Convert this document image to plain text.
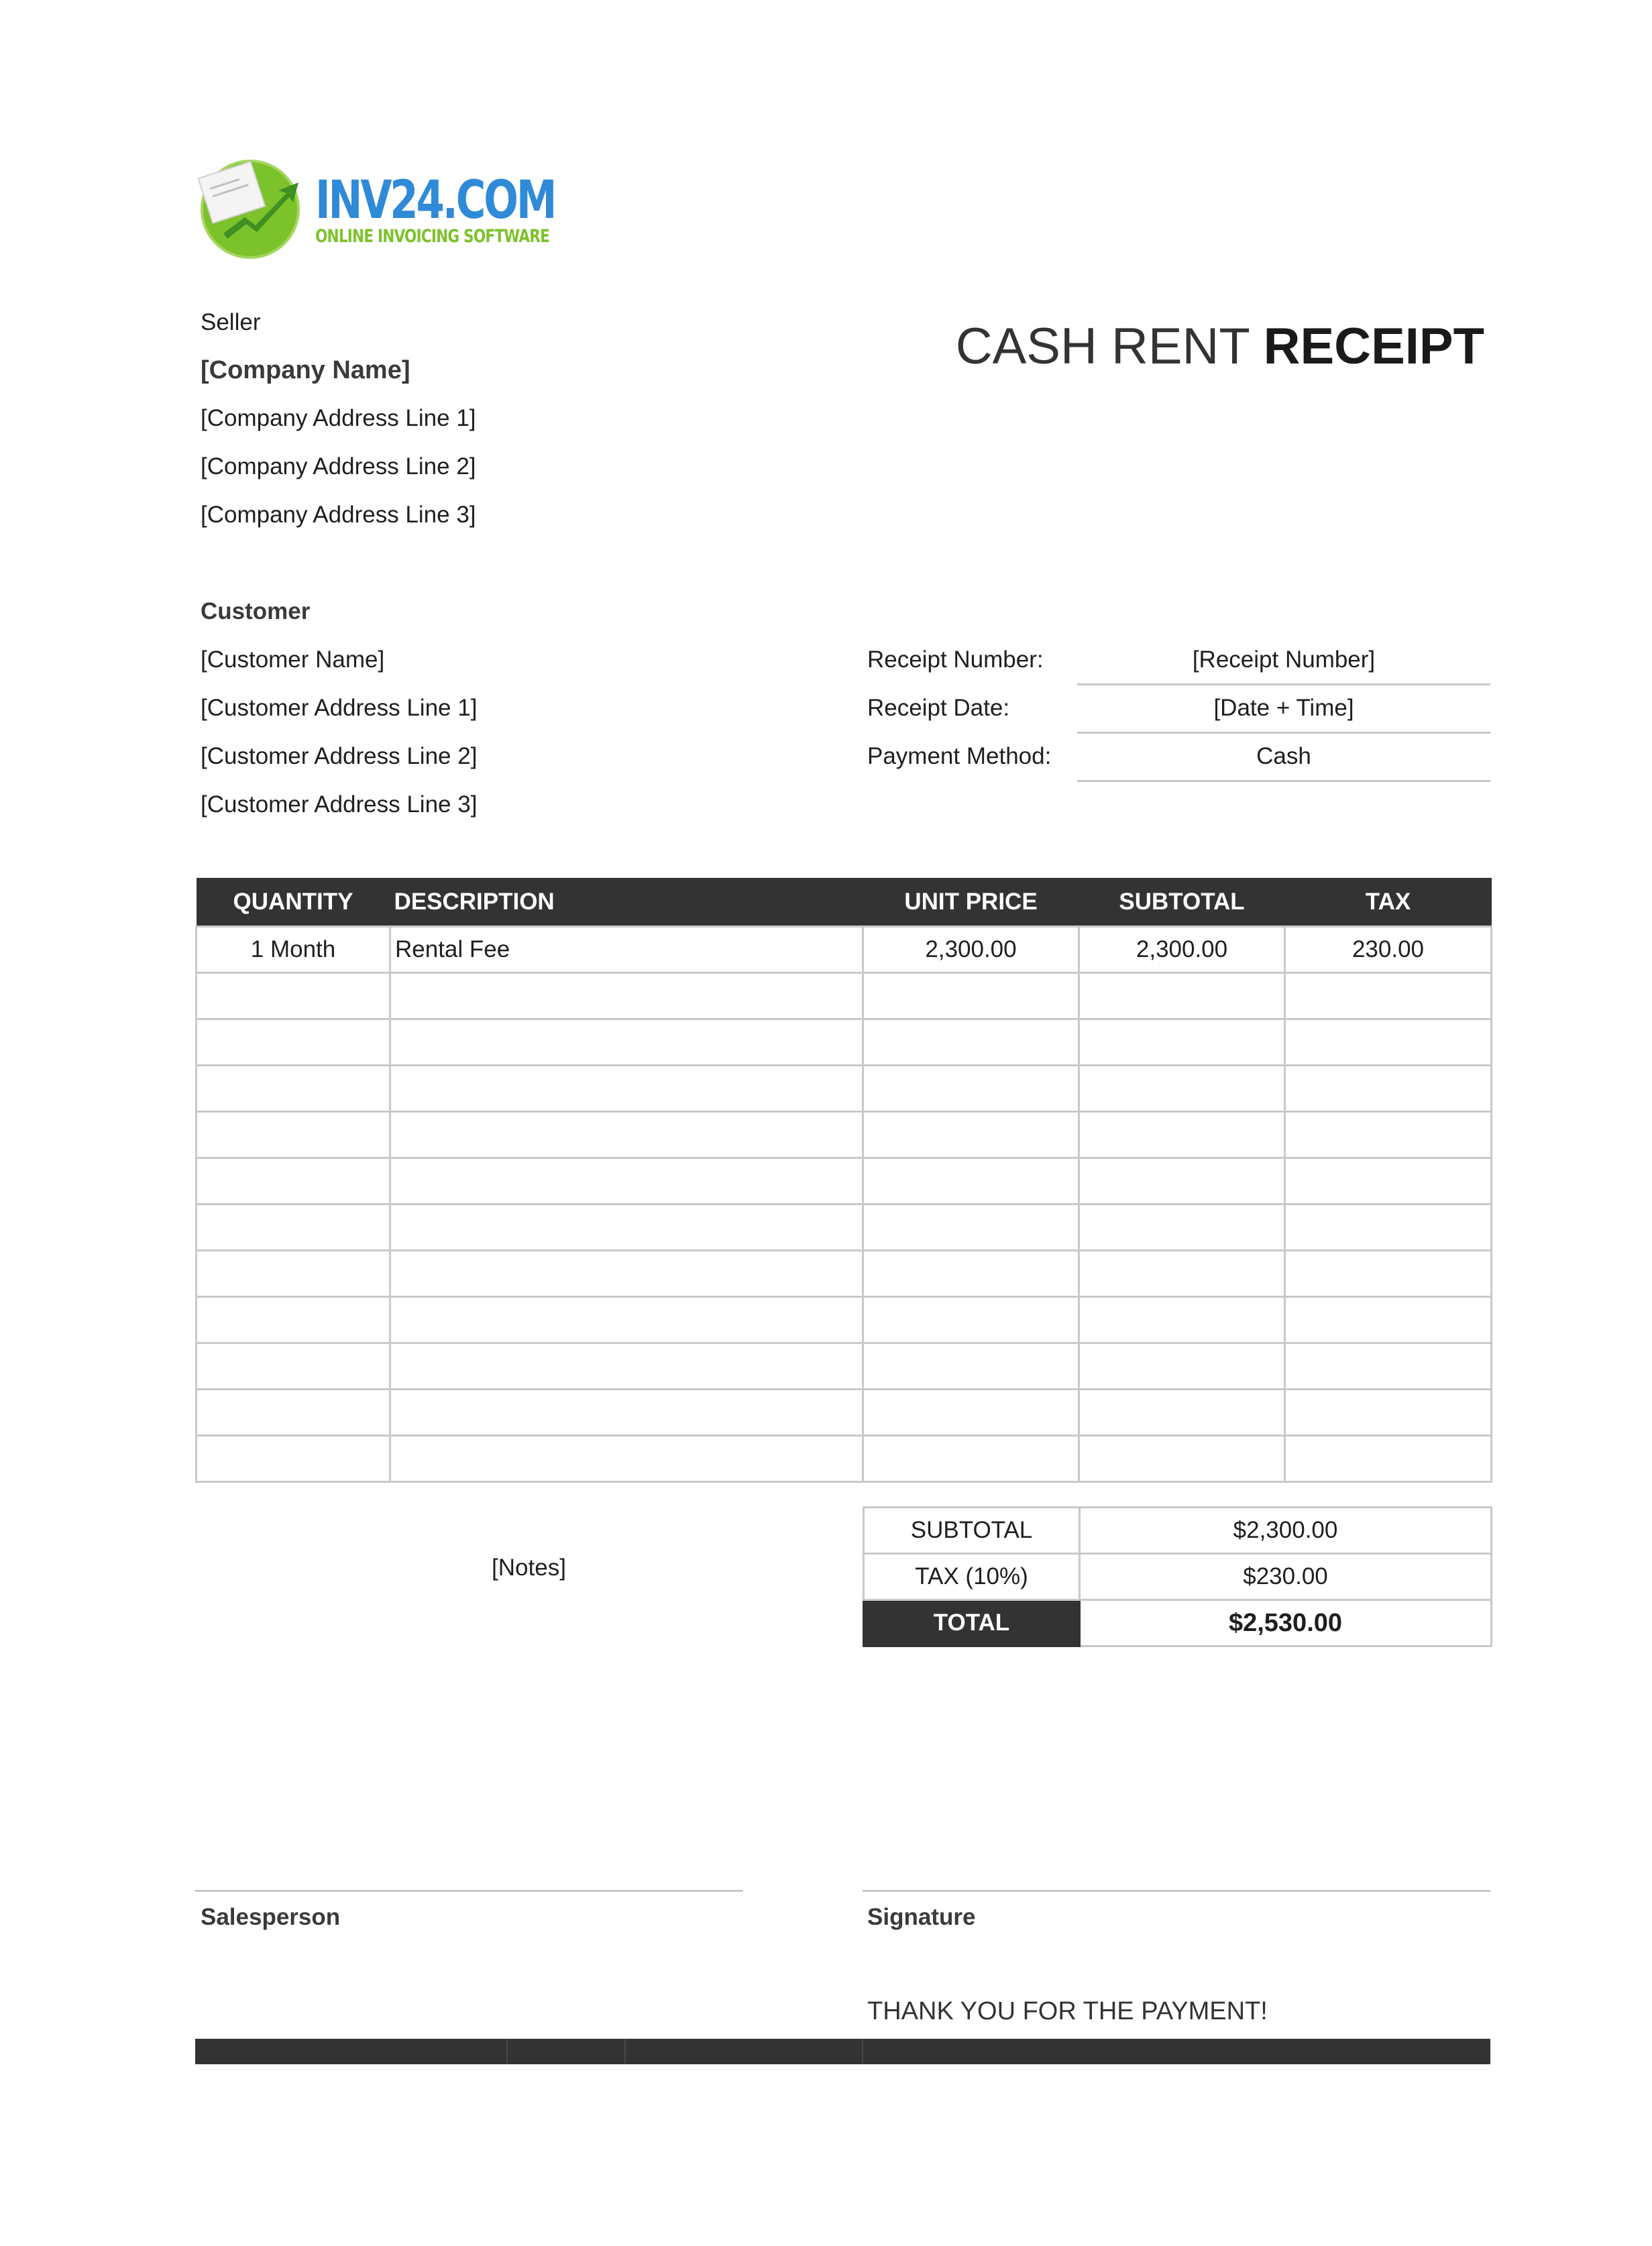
INV24.COM
ONLINE INVOICING SOFTWARE
CASH RENT RECEIPT
Seller
[Company Name]
[Company Address Line 1]
[Company Address Line 2]
[Company Address Line 3]
Customer
[Customer Name]
[Customer Address Line 1]
[Customer Address Line 2]
[Customer Address Line 3]
Receipt Number:	[Receipt Number]
Receipt Date:	[Date + Time]
Payment Method:	Cash
QUANTITY	DESCRIPTION	UNIT PRICE	SUBTOTAL	TAX
1 Month	Rental Fee	2,300.00	2,300.00	230.00

[Notes]
SUBTOTAL	$2,300.00
TAX (10%)	$230.00
TOTAL	$2,530.00
Salesperson	Signature
THANK YOU FOR THE PAYMENT!
